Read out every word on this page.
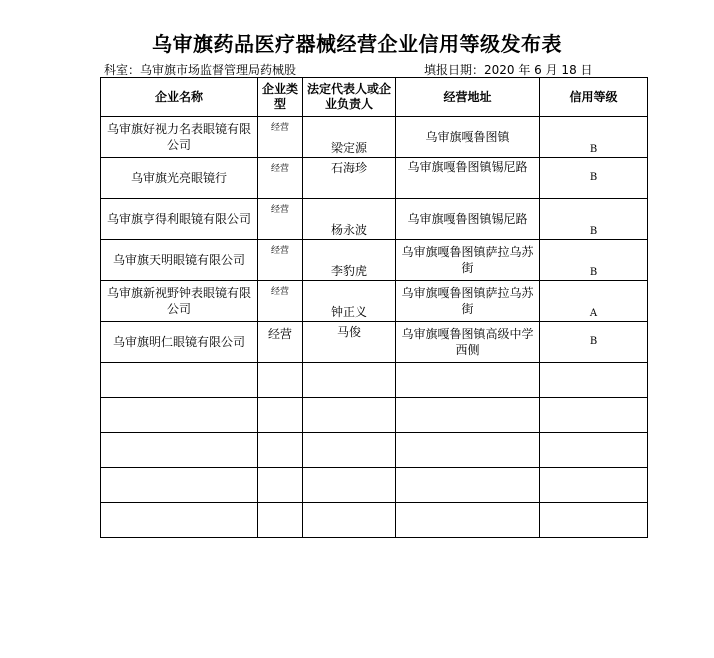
乌审旗药品医疗器械经营企业信用等级发布表
科室：乌审旗市场监督管理局药械股	填报日期：2020 年 6 月 18 日
企业名称	企业类型	法定代表人或企业负责人	经营地址	信用等级
乌审旗好视力名表眼镜有限公司	经营	梁定源	乌审旗嘎鲁图镇	B
乌审旗光亮眼镜行	经营	石海珍	乌审旗嘎鲁图镇锡尼路	B
乌审旗亨得利眼镜有限公司	经营	杨永波	乌审旗嘎鲁图镇锡尼路	B
乌审旗天明眼镜有限公司	经营	李豹虎	乌审旗嘎鲁图镇萨拉乌苏街	B
乌审旗新视野钟表眼镜有限公司	经营	钟正义	乌审旗嘎鲁图镇萨拉乌苏街	A
乌审旗明仁眼镜有限公司	经营	马俊	乌审旗嘎鲁图镇高级中学西侧	B
